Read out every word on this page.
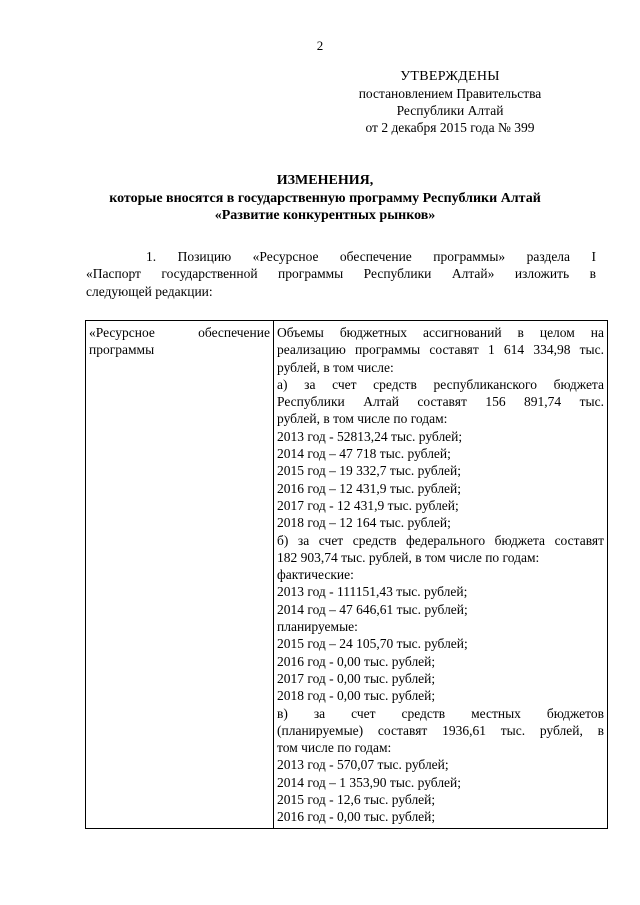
2
УТВЕРЖДЕНЫ
постановлением Правительства
Республики Алтай
от 2 декабря 2015 года № 399
ИЗМЕНЕНИЯ,
которые вносятся в государственную программу Республики Алтай
«Развитие конкурентных рынков»
1. Позицию «Ресурсное обеспечение программы» раздела I
«Паспорт государственной программы Республики Алтай» изложить в
следующей редакции:
«Ресурсное обеспечение
программы

Объемы бюджетных ассигнований в целом на
реализацию программы составят 1 614 334,98 тыс.
рублей, в том числе:
а) за счет средств республиканского бюджета
Республики Алтай составят 156 891,74 тыс.
рублей, в том числе по годам:
2013 год - 52813,24 тыс. рублей;
2014 год – 47 718 тыс. рублей;
2015 год – 19 332,7 тыс. рублей;
2016 год – 12 431,9 тыс. рублей;
2017 год - 12 431,9 тыс. рублей;
2018 год – 12 164 тыс. рублей;
б) за счет средств федерального бюджета составят
182 903,74 тыс. рублей, в том числе по годам:
фактические:
2013 год - 111151,43 тыс. рублей;
2014 год – 47 646,61 тыс. рублей;
планируемые:
2015 год – 24 105,70 тыс. рублей;
2016 год - 0,00 тыс. рублей;
2017 год - 0,00 тыс. рублей;
2018 год - 0,00 тыс. рублей;
в) за счет средств местных бюджетов
(планируемые) составят 1936,61 тыс. рублей, в
том числе по годам:
2013 год - 570,07 тыс. рублей;
2014 год – 1 353,90 тыс. рублей;
2015 год - 12,6 тыс. рублей;
2016 год - 0,00 тыс. рублей;
